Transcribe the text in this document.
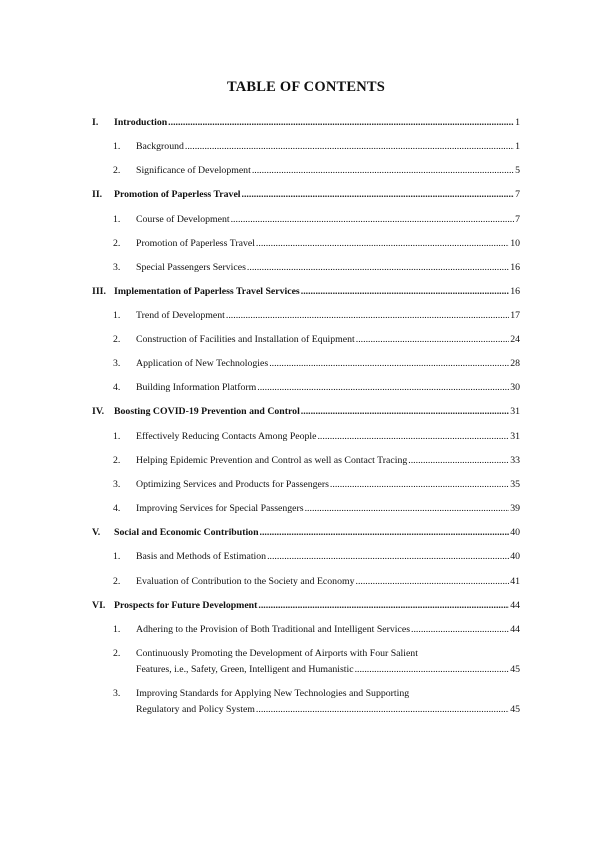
TABLE OF CONTENTS
I. Introduction .....	1
1. Background .....	1
2. Significance of Development .....	5
II. Promotion of Paperless Travel .....	7
1. Course of Development .....	7
2. Promotion of Paperless Travel .....	10
3. Special Passengers Services .....	16
III. Implementation of Paperless Travel Services .....	16
1. Trend of Development .....	17
2. Construction of Facilities and Installation of Equipment .....	24
3. Application of New Technologies .....	28
4. Building Information Platform .....	30
IV. Boosting COVID-19 Prevention and Control .....	31
1. Effectively Reducing Contacts Among People .....	31
2. Helping Epidemic Prevention and Control as well as Contact Tracing .....	33
3. Optimizing Services and Products for Passengers .....	35
4. Improving Services for Special Passengers .....	39
V. Social and Economic Contribution .....	40
1. Basis and Methods of Estimation .....	40
2. Evaluation of Contribution to the Society and Economy .....	41
VI. Prospects for Future Development .....	44
1. Adhering to the Provision of Both Traditional and Intelligent Services .....	44
2. Continuously Promoting the Development of Airports with Four Salient
Features, i.e., Safety, Green, Intelligent and Humanistic .....	45
3. Improving Standards for Applying New Technologies and Supporting
Regulatory and Policy System .....	45
